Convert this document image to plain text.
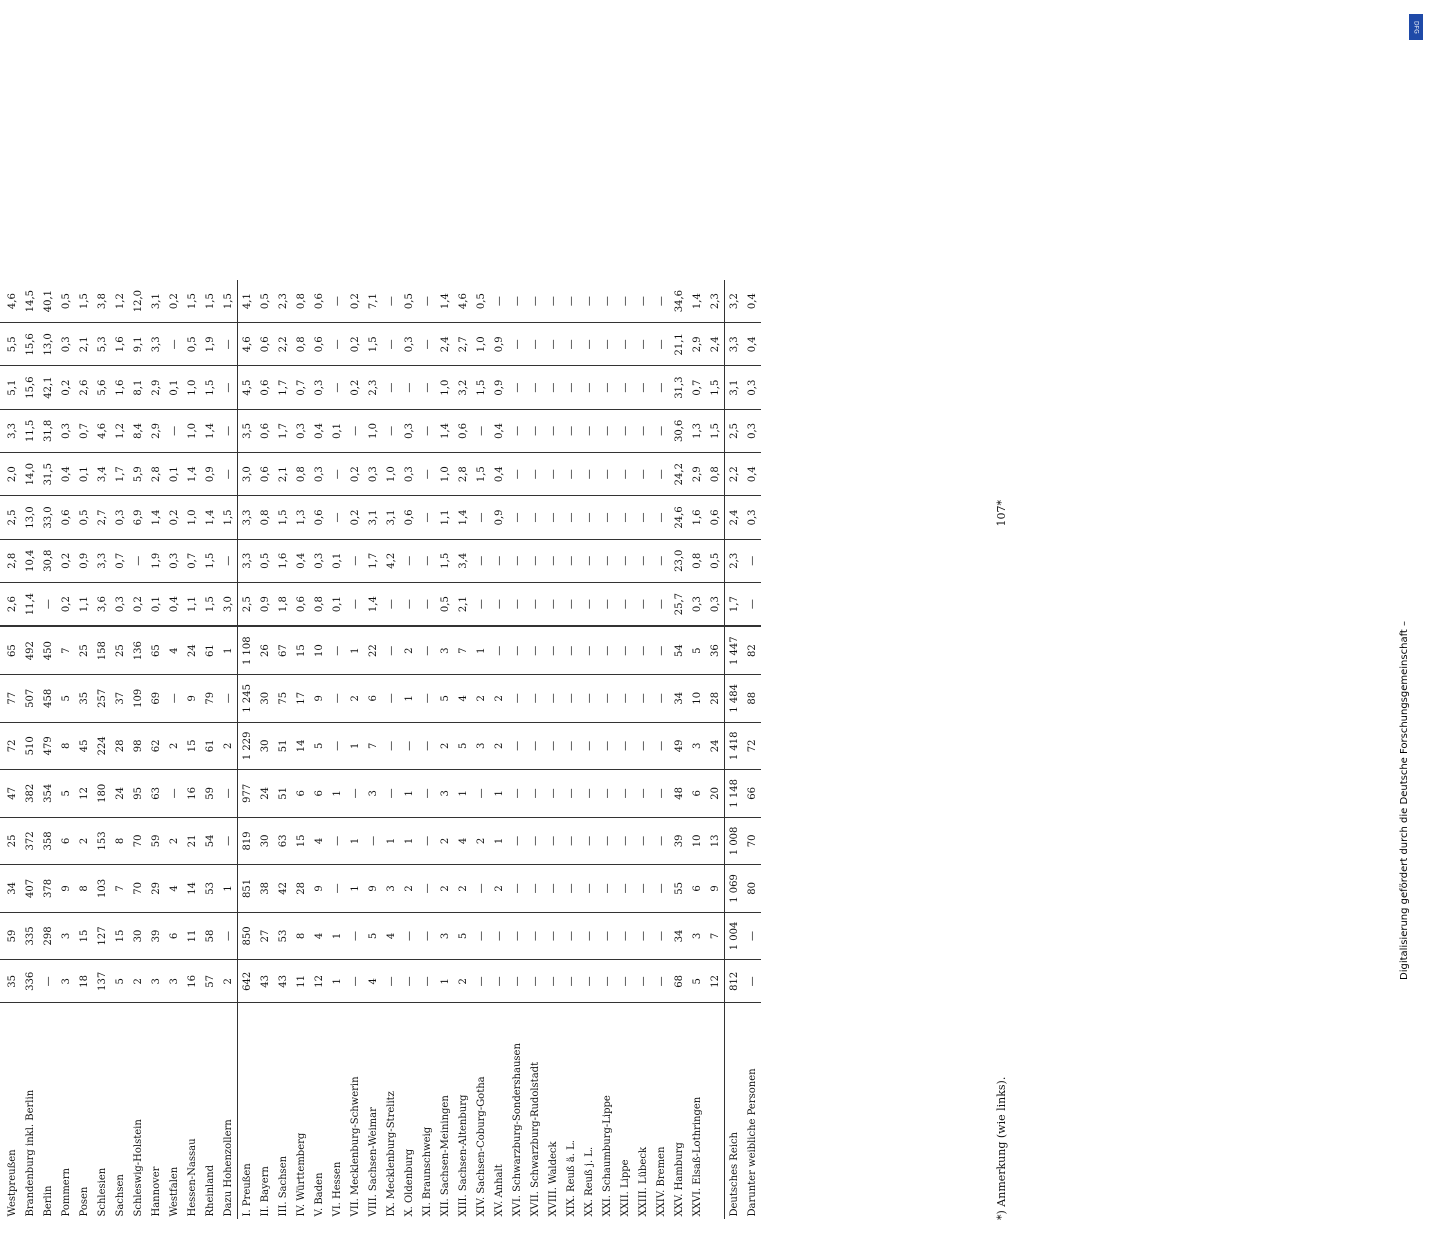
Westpreußen	35	59	34	25	47	72	77	65	2,6	2,8	2,5	2,0	3,3	5,1	5,5	4,6
Brandenburg inkl. Berlin	336	335	407	372	382	510	507	492	11,4	10,4	13,0	14,0	11,5	15,6	15,6	14,5
Berlin	—	298	378	358	354	479	458	450	—	30,8	33,0	31,5	31,8	42,1	13,0	40,1
Pommern	3	3	9	6	5	8	5	7	0,2	0,2	0,6	0,4	0,3	0,2	0,3	0,5
Posen	18	15	8	2	12	45	35	25	1,1	0,9	0,5	0,1	0,7	2,6	2,1	1,5
Schlesien	137	127	103	153	180	224	257	158	3,6	3,3	2,7	3,4	4,6	5,6	5,3	3,8
Sachsen	5	15	7	8	24	28	37	25	0,3	0,7	0,3	1,7	1,2	1,6	1,6	1,2
Schleswig-Holstein	2	30	70	70	95	98	109	136	0,2	—	6,9	5,9	8,4	8,1	9,1	12,0
Hannover	3	39	29	59	63	62	69	65	0,1	1,9	1,4	2,8	2,9	2,9	3,3	3,1
Westfalen	3	6	4	2	—	2	—	4	0,4	0,3	0,2	0,1	—	0,1	—	0,2
Hessen-Nassau	16	11	14	21	16	15	9	24	1,1	0,7	1,0	1,4	1,0	1,0	0,5	1,5
Rheinland	57	58	53	54	59	61	79	61	1,5	1,5	1,4	0,9	1,4	1,5	1,9	1,5
Dazu Hohenzollern	2	—	1	—	—	2	—	1	3,0	—	1,5	—	—	—	—	1,5
I. Preußen	642	850	851	819	977	1 229	1 245	1 108	2,5	3,3	3,3	3,0	3,5	4,5	4,6	4,1
II. Bayern	43	27	38	30	24	30	30	26	0,9	0,5	0,8	0,6	0,6	0,6	0,6	0,5
III. Sachsen	43	53	42	63	51	51	75	67	1,8	1,6	1,5	2,1	1,7	1,7	2,2	2,3
IV. Württemberg	11	8	28	15	6	14	17	15	0,6	0,4	1,3	0,8	0,3	0,7	0,8	0,8
V. Baden	12	4	9	4	6	5	9	10	0,8	0,3	0,6	0,3	0,4	0,3	0,6	0,6
VI. Hessen	1	1	—	—	1	—	—	—	0,1	0,1	—	—	0,1	—	—	—
VII. Mecklenburg-Schwerin	—	—	1	1	—	1	2	1	—	—	0,2	0,2	—	0,2	0,2	0,2
VIII. Sachsen-Weimar	4	5	9	—	3	7	6	22	1,4	1,7	3,1	0,3	1,0	2,3	1,5	7,1
IX. Mecklenburg-Strelitz	—	4	3	1	—	—	—	—	—	4,2	3,1	1,0	—	—	—	—
X. Oldenburg	—	—	2	1	1	—	1	2	—	—	0,6	0,3	0,3	—	0,3	0,5
XI. Braunschweig	—	—	—	—	—	—	—	—	—	—	—	—	—	—	—	—
XII. Sachsen-Meiningen	1	3	2	2	3	2	5	3	0,5	1,5	1,1	1,0	1,4	1,0	2,4	1,4
XIII. Sachsen-Altenburg	2	5	2	4	1	5	4	7	2,1	3,4	1,4	2,8	0,6	3,2	2,7	4,6
XIV. Sachsen-Coburg-Gotha	—	—	—	2	—	3	2	1	—	—	—	1,5	—	1,5	1,0	0,5
XV. Anhalt	—	—	2	1	1	2	2	—	—	—	0,9	0,4	0,4	0,9	0,9	—
XVI. Schwarzburg-Sondershausen	—	—	—	—	—	—	—	—	—	—	—	—	—	—	—	—
XVII. Schwarzburg-Rudolstadt	—	—	—	—	—	—	—	—	—	—	—	—	—	—	—	—
XVIII. Waldeck	—	—	—	—	—	—	—	—	—	—	—	—	—	—	—	—
XIX. Reuß ä. L.	—	—	—	—	—	—	—	—	—	—	—	—	—	—	—	—
XX. Reuß j. L.	—	—	—	—	—	—	—	—	—	—	—	—	—	—	—	—
XXI. Schaumburg-Lippe	—	—	—	—	—	—	—	—	—	—	—	—	—	—	—	—
XXII. Lippe	—	—	—	—	—	—	—	—	—	—	—	—	—	—	—	—
XXIII. Lübeck	—	—	—	—	—	—	—	—	—	—	—	—	—	—	—	—
XXIV. Bremen	—	—	—	—	—	—	—	—	—	—	—	—	—	—	—	—
XXV. Hamburg	68	34	55	39	48	49	34	54	25,7	23,0	24,6	24,2	30,6	31,3	21,1	34,6
XXVI. Elsaß-Lothringen	5	3	6	10	6	3	10	5	0,3	0,8	1,6	2,9	1,3	0,7	2,9	1,4
	12	7	9	13	20	24	28	36	0,3	0,5	0,6	0,8	1,5	1,5	2,4	2,3
Deutsches Reich	812	1 004	1 069	1 008	1 148	1 418	1 484	1 447	1,7	2,3	2,4	2,2	2,5	3,1	3,3	3,2
Darunter weibliche Personen	—	—	80	70	66	72	88	82	—	—	0,3	0,4	0,3	0,3	0,4	0,4
*) Anmerkung (wie links).
107*
DFG
Digitalisierung gefördert durch die Deutsche Forschungsgemeinschaft –
